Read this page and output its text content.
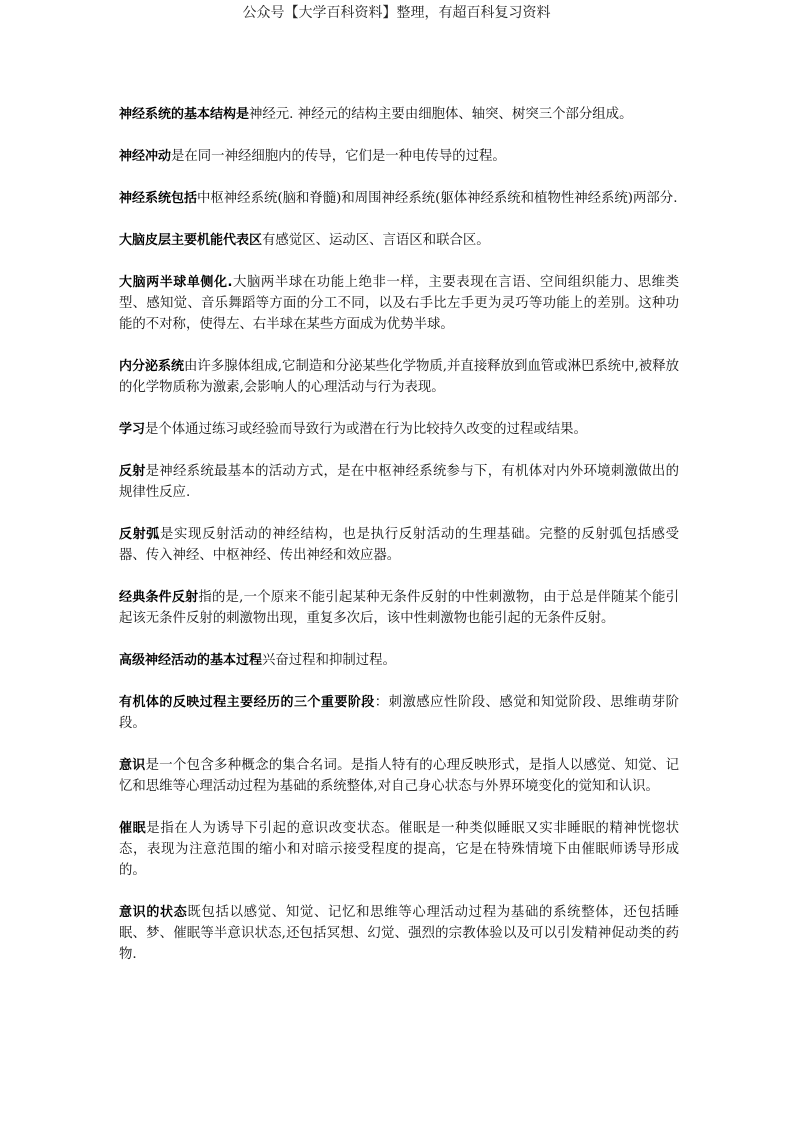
公众号【大学百科资料】整理，有超百科复习资料

神经系统的基本结构是神经元. 神经元的结构主要由细胞体、轴突、树突三个部分组成。

神经冲动是在同一神经细胞内的传导，它们是一种电传导的过程。

神经系统包括中枢神经系统(脑和脊髓)和周围神经系统(躯体神经系统和植物性神经系统)两部分.

大脑皮层主要机能代表区有感觉区、运动区、言语区和联合区。

大脑两半球单侧化.大脑两半球在功能上绝非一样，主要表现在言语、空间组织能力、思维类型、感知觉、音乐舞蹈等方面的分工不同，以及右手比左手更为灵巧等功能上的差别。这种功能的不对称，使得左、右半球在某些方面成为优势半球。

内分泌系统由许多腺体组成,它制造和分泌某些化学物质,并直接释放到血管或淋巴系统中,被释放的化学物质称为激素,会影响人的心理活动与行为表现。

学习是个体通过练习或经验而导致行为或潜在行为比较持久改变的过程或结果。

反射是神经系统最基本的活动方式，是在中枢神经系统参与下，有机体对内外环境刺激做出的规律性反应.

反射弧是实现反射活动的神经结构，也是执行反射活动的生理基础。完整的反射弧包括感受器、传入神经、中枢神经、传出神经和效应器。

经典条件反射指的是,一个原来不能引起某种无条件反射的中性刺激物，由于总是伴随某个能引起该无条件反射的刺激物出现，重复多次后，该中性刺激物也能引起的无条件反射。

高级神经活动的基本过程兴奋过程和抑制过程。

有机体的反映过程主要经历的三个重要阶段：刺激感应性阶段、感觉和知觉阶段、思维萌芽阶段。

意识是一个包含多种概念的集合名词。是指人特有的心理反映形式，是指人以感觉、知觉、记忆和思维等心理活动过程为基础的系统整体,对自己身心状态与外界环境变化的觉知和认识。

催眠是指在人为诱导下引起的意识改变状态。催眠是一种类似睡眠又实非睡眠的精神恍惚状态，表现为注意范围的缩小和对暗示接受程度的提高，它是在特殊情境下由催眠师诱导形成的。

意识的状态既包括以感觉、知觉、记忆和思维等心理活动过程为基础的系统整体，还包括睡眠、梦、催眠等半意识状态,还包括冥想、幻觉、强烈的宗教体验以及可以引发精神促动类的药物.
